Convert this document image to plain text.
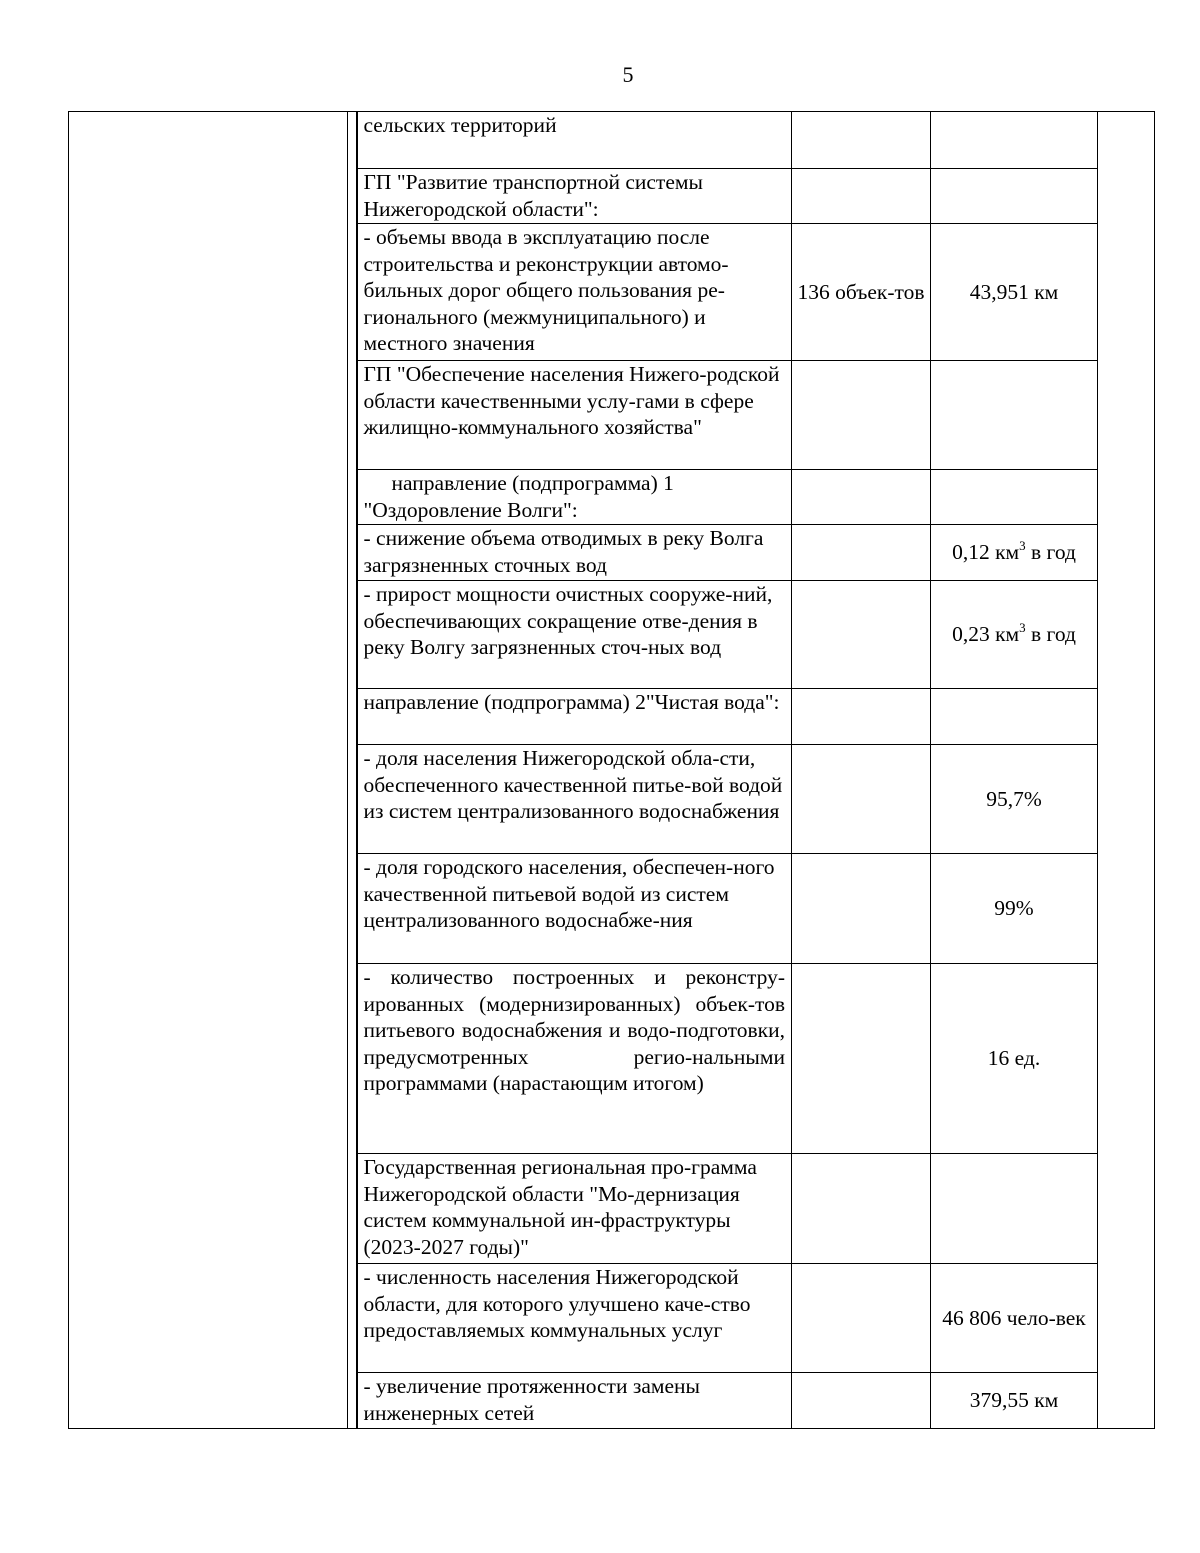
5
		сельских территорий			
		ГП "Развитие транспортной системы Нижегородской области":			
		- объемы ввода в эксплуатацию после строительства и реконструкции автомо-бильных дорог общего пользования ре-гионального (межмуниципального) и местного значения	136 объек-тов	43,951 км	
		ГП "Обеспечение населения Нижего-родской области качественными услу-гами в сфере жилищно-коммунального хозяйства"			
		направление (подпрограмма) 1 "Оздоровление Волги":			
		- снижение объема отводимых в реку Волга загрязненных сточных вод		0,12 $км^3$ в год	
		- прирост мощности очистных сооруже-ний, обеспечивающих сокращение отве-дения в реку Волгу загрязненных сточ-ных вод		0,23 $км^3$ в год	
		направление (подпрограмма) 2"Чистая вода":			
		- доля населения Нижегородской обла-сти, обеспеченного качественной питье-вой водой из систем централизованного водоснабжения		95,7%	
		- доля городского населения, обеспечен-ного качественной питьевой водой из систем централизованного водоснабже-ния		99%	
		- количество построенных и реконстру-ированных (модернизированных) объек-тов питьевого водоснабжения и водо-подготовки, предусмотренных регио-нальными программами (нарастающим итогом)		16 ед.	
		Государственная региональная про-грамма Нижегородской области "Мо-дернизация систем коммунальной ин-фраструктуры (2023-2027 годы)"			
		- численность населения Нижегородской области, для которого улучшено каче-ство предоставляемых коммунальных услуг		46 806 чело-век	
		- увеличение протяженности замены инженерных сетей		379,55 км	
